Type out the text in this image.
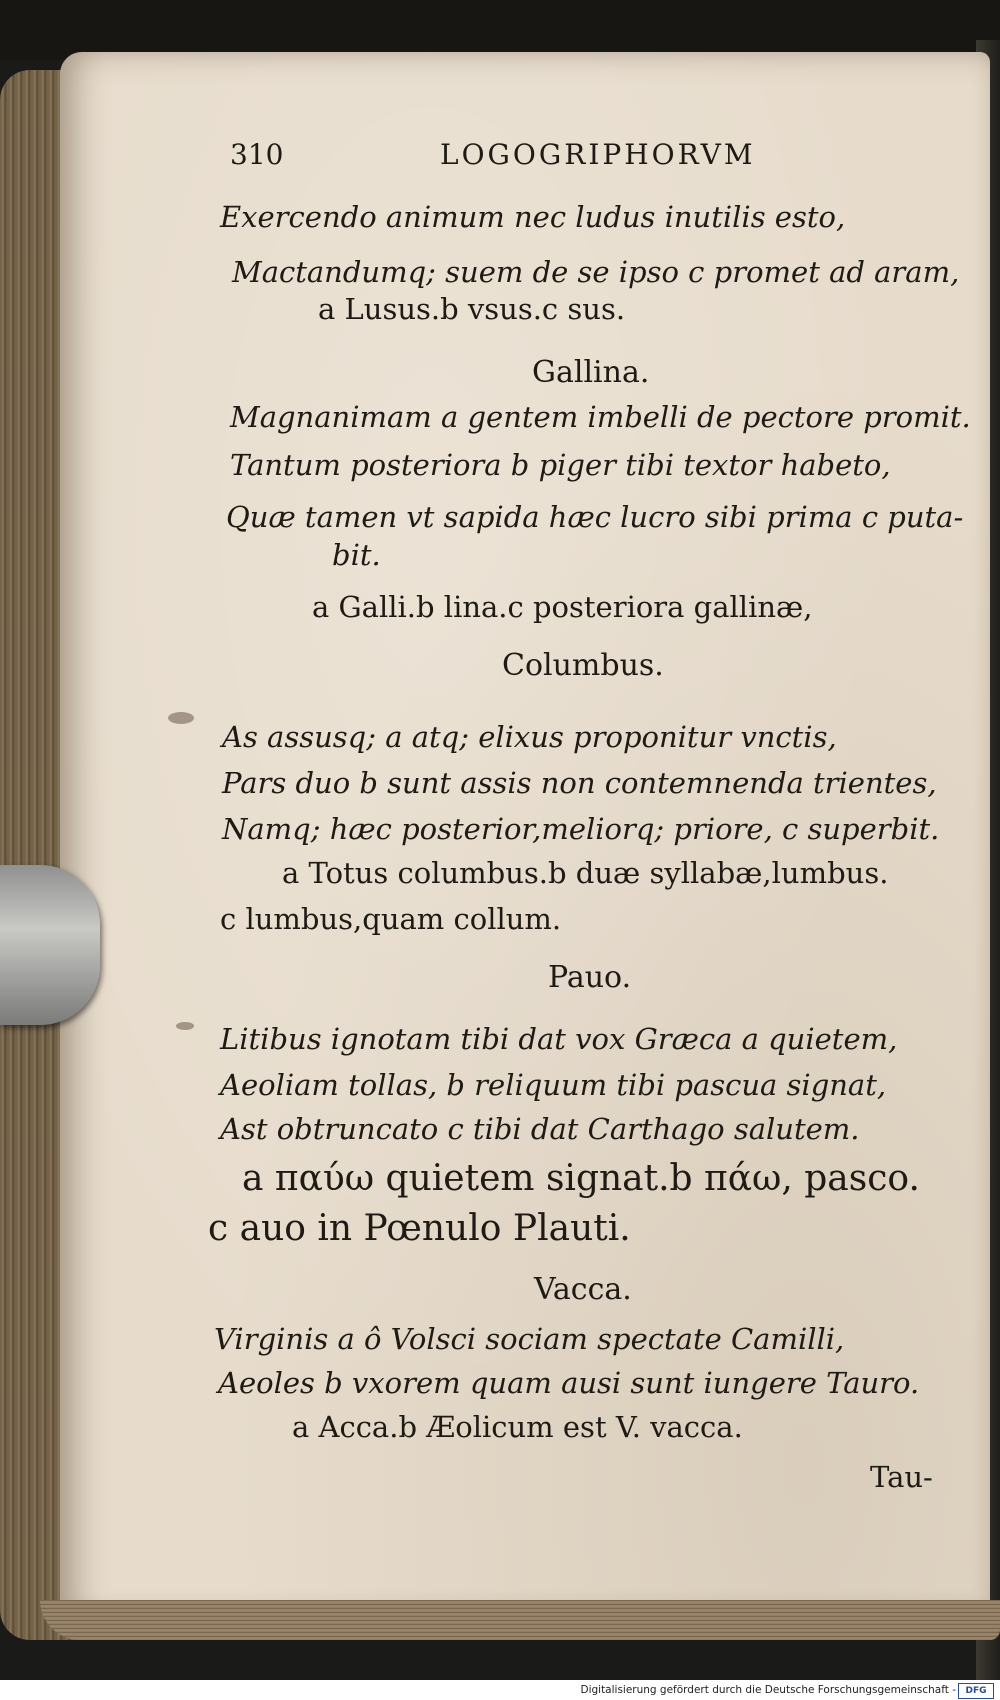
310	LOGOGRIPHORVM
Exercendo animum nec ludus inutilis esto,
Mactandumq; suem de se ipso c promet ad aram,
a Lusus.b vsus.c sus.
Gallina.
Magnanimam a gentem imbelli de pectore promit.
Tantum posteriora b piger tibi textor habeto,
Quæ tamen vt sapida hæc lucro sibi prima c puta-
bit.
a Galli.b lina.c posteriora gallinæ,
Columbus.
As assusq; a atq; elixus proponitur vnctis,
Pars duo b sunt assis non contemnenda trientes,
Namq; hæc posterior,meliorq; priore, c superbit.
a Totus columbus.b duæ syllabæ,lumbus.
c lumbus,quam collum.
Pauo.
Litibus ignotam tibi dat vox Græca a quietem,
Aeoliam tollas, b reliquum tibi pascua signat,
Ast obtruncato c tibi dat Carthago salutem.
a παύω quietem signat.b πάω, pasco.
c auo in Pœnulo Plauti.
Vacca.
Virginis a ô Volsci sociam spectate Camilli,
Aeoles b vxorem quam ausi sunt iungere Tauro.
a Acca.b Æolicum est V. vacca.
Tau-
Digitalisierung gefördert durch die Deutsche Forschungsgemeinschaft -	DFG
